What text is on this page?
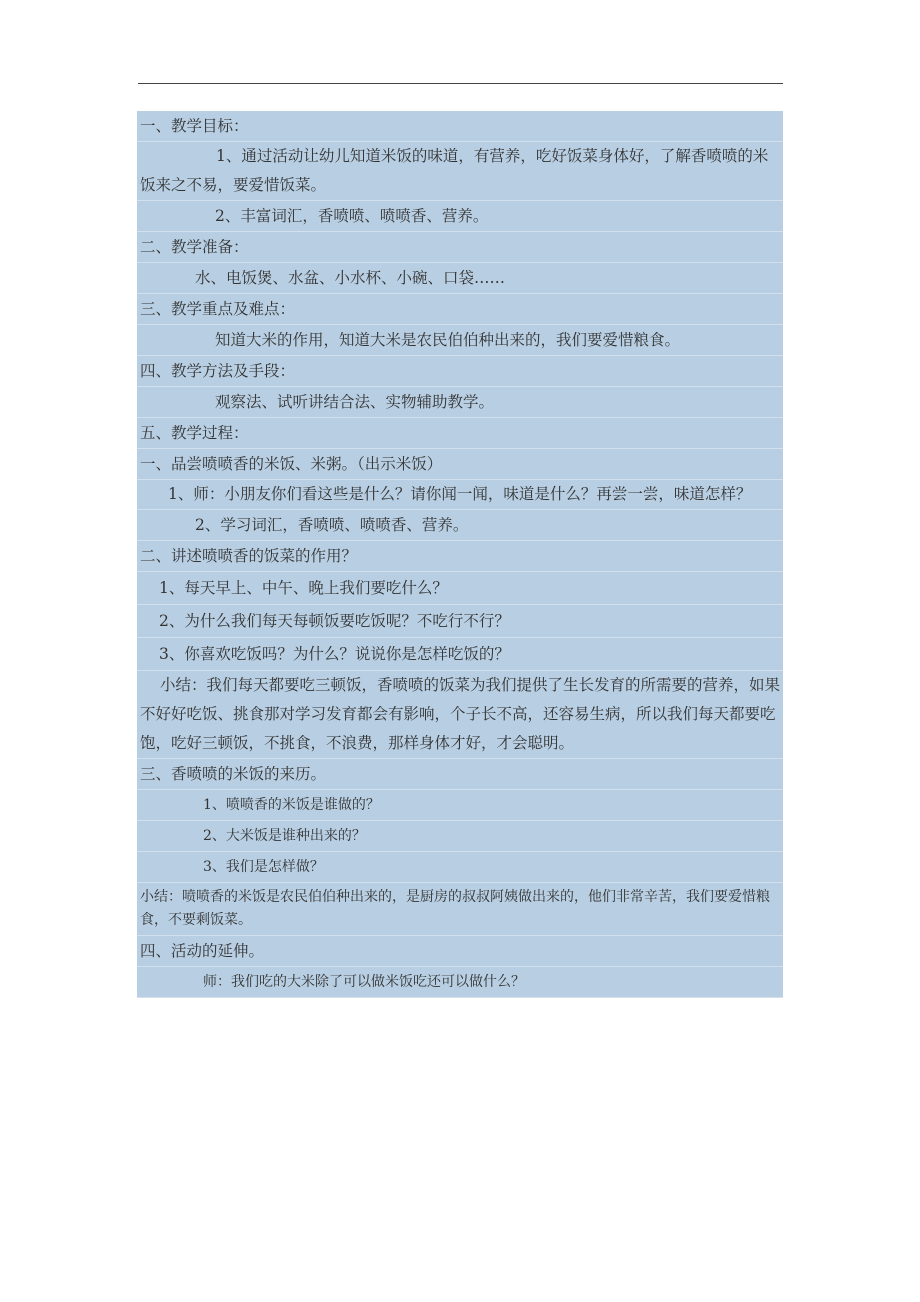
一、教学目标：
1、通过活动让幼儿知道米饭的味道，有营养，吃好饭菜身体好，了解香喷喷的米饭来之不易，要爱惜饭菜。
2、丰富词汇，香喷喷、喷喷香、营养。
二、教学准备：
水、电饭煲、水盆、小水杯、小碗、口袋……
三、教学重点及难点：
知道大米的作用，知道大米是农民伯伯种出来的，我们要爱惜粮食。
四、教学方法及手段：
观察法、试听讲结合法、实物辅助教学。
五、教学过程：
一、品尝喷喷香的米饭、米粥。（出示米饭）
1、师：小朋友你们看这些是什么？请你闻一闻，味道是什么？再尝一尝，味道怎样？
2、学习词汇，香喷喷、喷喷香、营养。
二、讲述喷喷香的饭菜的作用？
1、每天早上、中午、晚上我们要吃什么？
2、为什么我们每天每顿饭要吃饭呢？不吃行不行？
3、你喜欢吃饭吗？为什么？说说你是怎样吃饭的？
小结：我们每天都要吃三顿饭，香喷喷的饭菜为我们提供了生长发育的所需要的营养，如果不好好吃饭、挑食那对学习发育都会有影响，个子长不高，还容易生病，所以我们每天都要吃饱，吃好三顿饭，不挑食，不浪费，那样身体才好，才会聪明。
三、香喷喷的米饭的来历。
1、喷喷香的米饭是谁做的？
2、大米饭是谁种出来的？
3、我们是怎样做？
小结：喷喷香的米饭是农民伯伯种出来的，是厨房的叔叔阿姨做出来的，他们非常辛苦，我们要爱惜粮食，不要剩饭菜。
四、活动的延伸。
师：我们吃的大米除了可以做米饭吃还可以做什么？
